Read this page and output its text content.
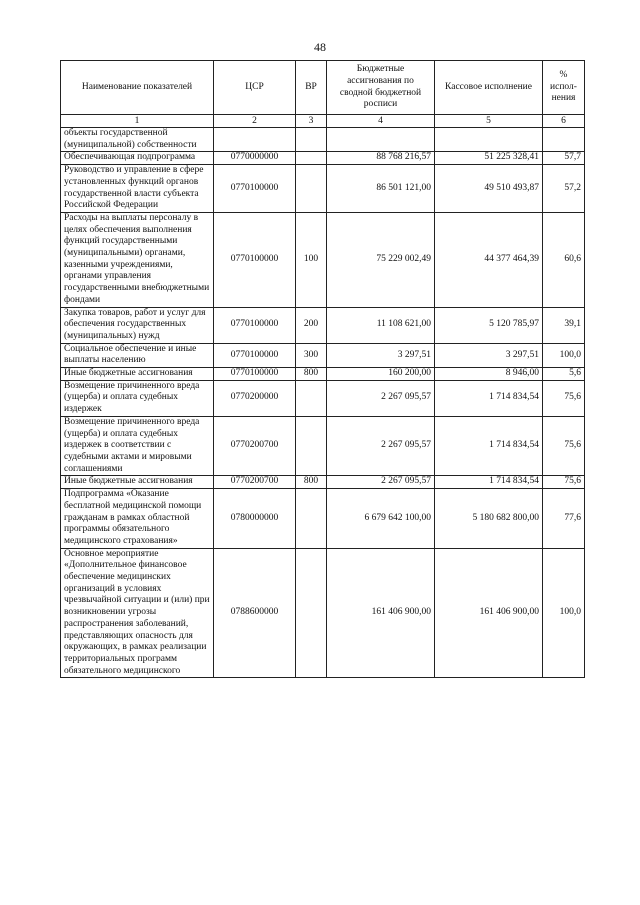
48
Наименование показателей	ЦСР	ВР	Бюджетные ассигнования по сводной бюджетной росписи	Кассовое исполнение	% испол-нения
1	2	3	4	5	6
объекты государственной (муниципальной) собственности					
Обеспечивающая подпрограмма	0770000000		88 768 216,57	51 225 328,41	57,7
Руководство и управление в сфере установленных функций органов государственной власти субъекта Российской Федерации	0770100000		86 501 121,00	49 510 493,87	57,2
Расходы на выплаты персоналу в целях обеспечения выполнения функций государственными (муниципальными) органами, казенными учреждениями, органами управления государственными внебюджетными фондами	0770100000	100	75 229 002,49	44 377 464,39	60,6
Закупка товаров, работ и услуг для обеспечения государственных (муниципальных) нужд	0770100000	200	11 108 621,00	5 120 785,97	39,1
Социальное обеспечение и иные выплаты населению	0770100000	300	3 297,51	3 297,51	100,0
Иные бюджетные ассигнования	0770100000	800	160 200,00	8 946,00	5,6
Возмещение причиненного вреда (ущерба) и оплата судебных издержек	0770200000		2 267 095,57	1 714 834,54	75,6
Возмещение причиненного вреда (ущерба) и оплата судебных издержек в соответствии с судебными актами и мировыми соглашениями	0770200700		2 267 095,57	1 714 834,54	75,6
Иные бюджетные ассигнования	0770200700	800	2 267 095,57	1 714 834,54	75,6
Подпрограмма «Оказание бесплатной медицинской помощи гражданам в рамках областной программы обязательного медицинского страхования»	0780000000		6 679 642 100,00	5 180 682 800,00	77,6
Основное мероприятие «Дополнительное финансовое обеспечение медицинских организаций в условиях чрезвычайной ситуации и (или) при возникновении угрозы распространения заболеваний, представляющих опасность для окружающих, в рамках реализации территориальных программ обязательного медицинского	0788600000		161 406 900,00	161 406 900,00	100,0
